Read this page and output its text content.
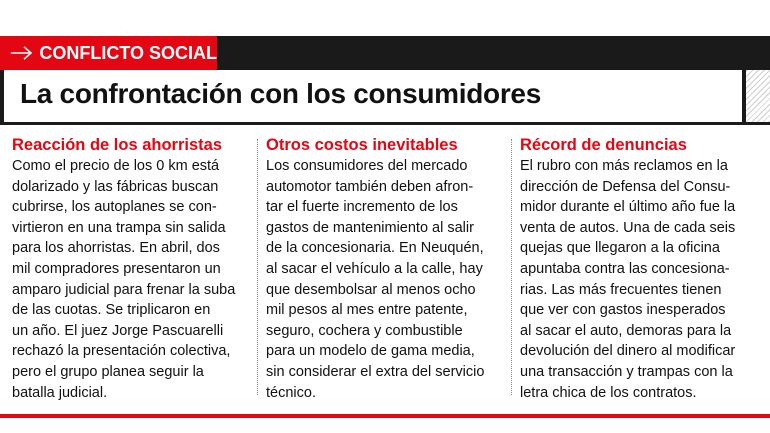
CONFLICTO SOCIAL
La confrontación con los consumidores

Reacción de los ahorristas

Como el precio de los 0 km está

dolarizado y las fábricas buscan

cubrirse, los autoplanes se con-

virtieron en una trampa sin salida

para los ahorristas. En abril, dos

mil compradores presentaron un

amparo judicial para frenar la suba

de las cuotas. Se triplicaron en

un año. El juez Jorge Pascuarelli

rechazó la presentación colectiva,

pero el grupo planea seguir la

batalla judicial.

Otros costos inevitables

Los consumidores del mercado

automotor también deben afron-

tar el fuerte incremento de los

gastos de mantenimiento al salir

de la concesionaria. En Neuquén,

al sacar el vehículo a la calle, hay

que desembolsar al menos ocho

mil pesos al mes entre patente,

seguro, cochera y combustible

para un modelo de gama media,

sin considerar el extra del servicio

técnico.

Récord de denuncias

El rubro con más reclamos en la

dirección de Defensa del Consu-

midor durante el último año fue la

venta de autos. Una de cada seis

quejas que llegaron a la oficina

apuntaba contra las concesiona-

rias. Las más frecuentes tienen

que ver con gastos inesperados

al sacar el auto, demoras para la

devolución del dinero al modificar

una transacción y trampas con la

letra chica de los contratos.
